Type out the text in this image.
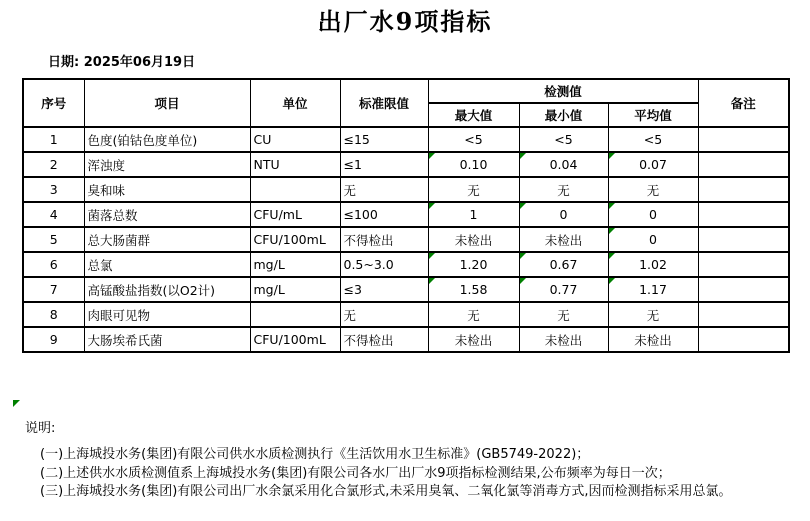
出厂水9项指标
日期: 2025年06月19日
序号	项目	单位	标准限值	检测值			备注
				最大值	最小值	平均值	
1	色度(铂钴色度单位)	CU	≤15	<5	<5	<5	
2	浑浊度	NTU	≤1	0.10	0.04	0.07	
3	臭和味		无	无	无	无	
4	菌落总数	CFU/mL	≤100	1	0	0	
5	总大肠菌群	CFU/100mL	不得检出	未检出	未检出	0	
6	总氯	mg/L	0.5~3.0	1.20	0.67	1.02	
7	高锰酸盐指数(以O2计)	mg/L	≤3	1.58	0.77	1.17	
8	肉眼可见物		无	无	无	无	
9	大肠埃希氏菌	CFU/100mL	不得检出	未检出	未检出	未检出	
说明:
(一)上海城投水务(集团)有限公司供水水质检测执行《生活饮用水卫生标准》(GB5749-2022)；
(二)上述供水水质检测值系上海城投水务(集团)有限公司各水厂出厂水9项指标检测结果,公布频率为每日一次；
(三)上海城投水务(集团)有限公司出厂水余氯采用化合氯形式,未采用臭氧、二氧化氯等消毒方式,因而检测指标采用总氯。
